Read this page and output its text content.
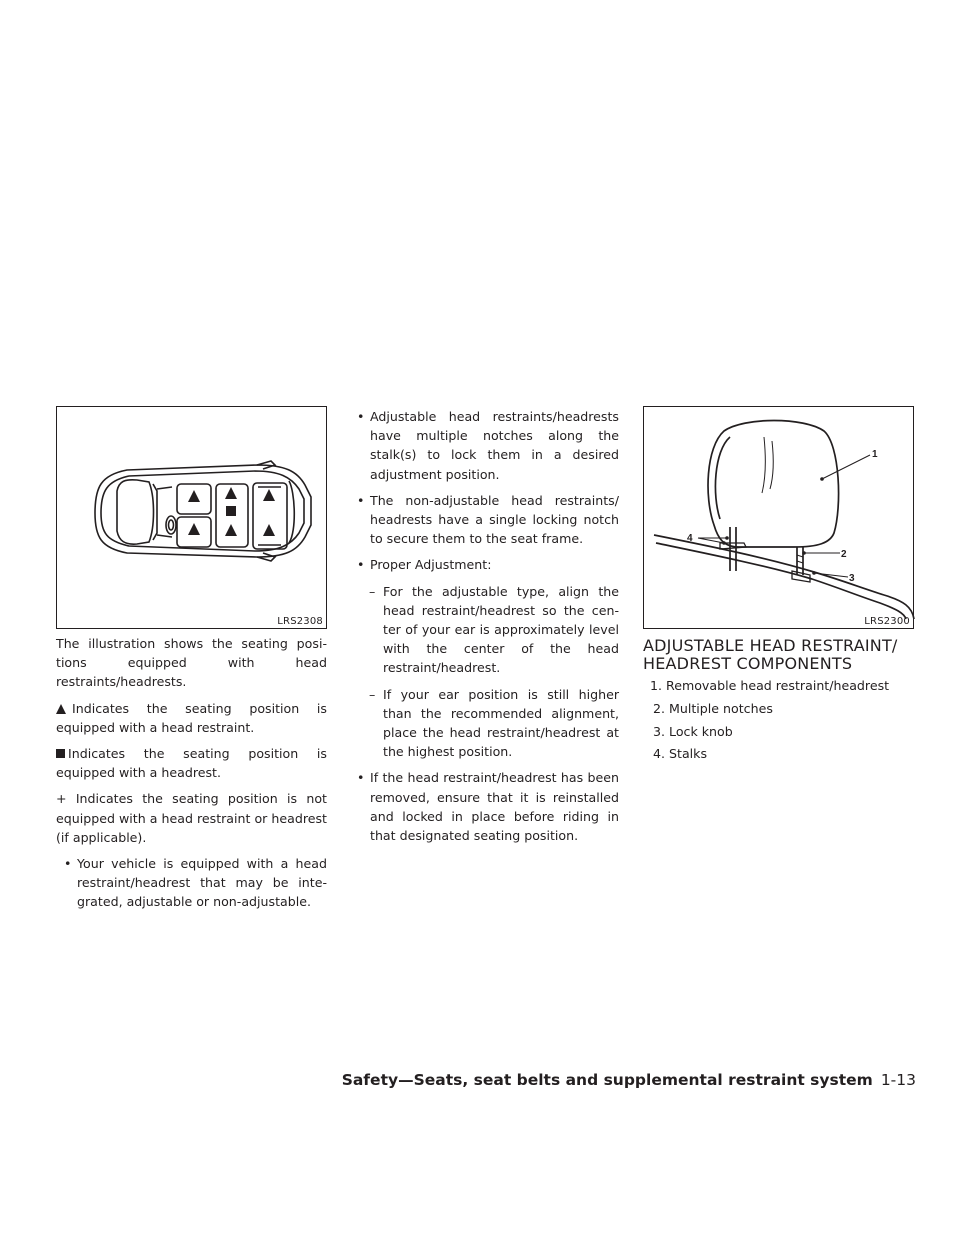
LRS2308
1
2
3
4
LRS2300

The illustration shows the seating posi- tions equipped with head restraints/headrests.

Indicates the seating position is equipped with a head restraint.

Indicates the seating position is equipped with a headrest.

+ Indicates the seating position is not equipped with a head restraint or headrest (if applicable).

• Your vehicle is equipped with a head restraint/headrest that may be inte- grated, adjustable or non-adjustable.
• Adjustable head restraints/headrests have multiple notches along the stalk(s) to lock them in a desired adjustment position.
• The non-adjustable head restraints/ headrests have a single locking notch to secure them to the seat frame.
• Proper Adjustment:
– For the adjustable type, align the head restraint/headrest so the cen- ter of your ear is approximately level with the center of the head restraint/headrest.
– If your ear position is still higher than the recommended alignment, place the head restraint/headrest at the highest position.
• If the head restraint/headrest has been removed, ensure that it is reinstalled and locked in place before riding in that designated seating position.
ADJUSTABLE HEAD RESTRAINT/
HEADREST COMPONENTS
1. Removable head restraint/headrest
2. Multiple notches
3. Lock knob
4. Stalks
Safety—Seats, seat belts and supplemental restraint system 1-13
